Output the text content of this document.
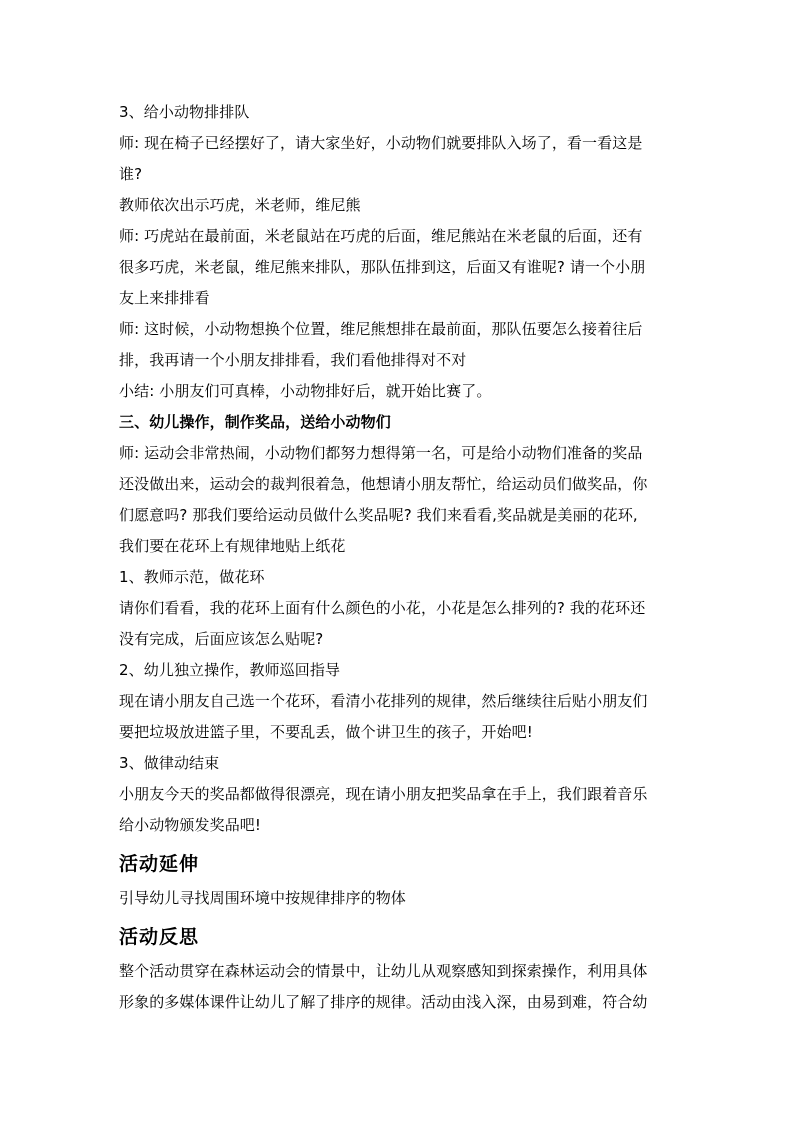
3、给小动物排排队

师: 现在椅子已经摆好了，请大家坐好，小动物们就要排队入场了，看一看这是

谁?

教师依次出示巧虎，米老师，维尼熊

师: 巧虎站在最前面，米老鼠站在巧虎的后面，维尼熊站在米老鼠的后面，还有

很多巧虎，米老鼠，维尼熊来排队，那队伍排到这，后面又有谁呢? 请一个小朋

友上来排排看

师: 这时候，小动物想换个位置，维尼熊想排在最前面，那队伍要怎么接着往后

排，我再请一个小朋友排排看，我们看他排得对不对

小结: 小朋友们可真棒，小动物排好后，就开始比赛了。

三、幼儿操作，制作奖品，送给小动物们

师: 运动会非常热闹，小动物们都努力想得第一名，可是给小动物们准备的奖品

还没做出来，运动会的裁判很着急，他想请小朋友帮忙，给运动员们做奖品，你

们愿意吗? 那我们要给运动员做什么奖品呢? 我们来看看,奖品就是美丽的花环,

我们要在花环上有规律地贴上纸花

1、教师示范，做花环

请你们看看，我的花环上面有什么颜色的小花，小花是怎么排列的? 我的花环还

没有完成，后面应该怎么贴呢?

2、幼儿独立操作，教师巡回指导

现在请小朋友自己选一个花环，看清小花排列的规律，然后继续往后贴小朋友们

要把垃圾放进篮子里，不要乱丢，做个讲卫生的孩子，开始吧!

3、做律动结束

小朋友今天的奖品都做得很漂亮，现在请小朋友把奖品拿在手上，我们跟着音乐

给小动物颁发奖品吧!

活动延伸

引导幼儿寻找周围环境中按规律排序的物体

活动反思

整个活动贯穿在森林运动会的情景中，让幼儿从观察感知到探索操作，利用具体

形象的多媒体课件让幼儿了解了排序的规律。活动由浅入深，由易到难，符合幼
